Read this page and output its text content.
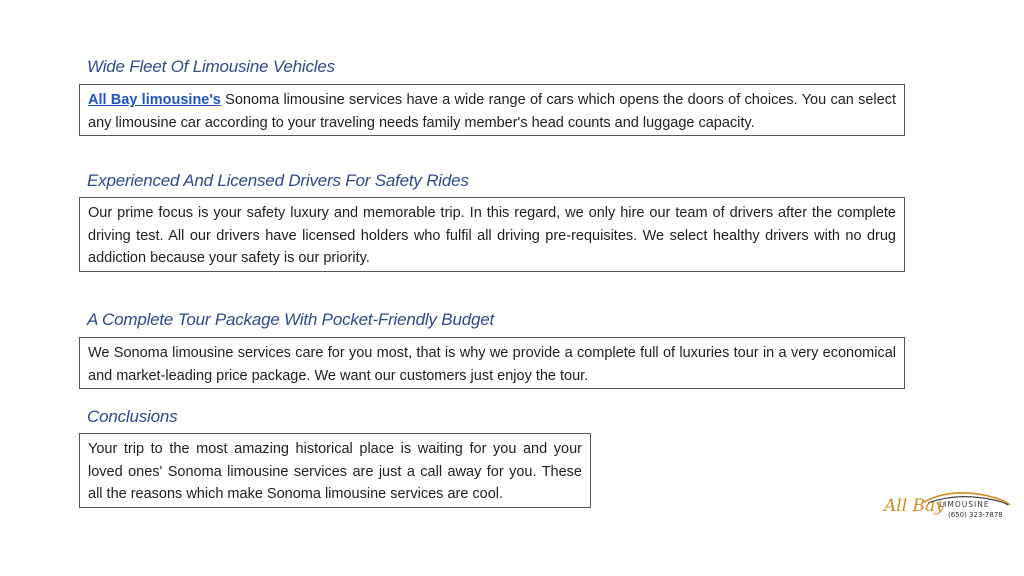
Wide Fleet Of Limousine Vehicles
All Bay limousine's Sonoma limousine services have a wide range of cars which opens the doors of choices. You can select any limousine car according to your traveling needs family member's head counts and luggage capacity.
Experienced And Licensed Drivers For Safety Rides
Our prime focus is your safety luxury and memorable trip. In this regard, we only hire our team of drivers after the complete driving test. All our drivers have licensed holders who fulfil all driving pre-requisites. We select healthy drivers with no drug addiction because your safety is our priority.
A Complete Tour Package With Pocket-Friendly Budget
We Sonoma limousine services care for you most, that is why we provide a complete full of luxuries tour in a very economical and market-leading price package. We want our customers just enjoy the tour.
Conclusions
Your trip to the most amazing historical place is waiting for you and your loved ones' Sonoma limousine services are just a call away for you. These all the reasons which make Sonoma limousine services are cool.
All Bay
LIMOUSINE
(650) 323-7878
